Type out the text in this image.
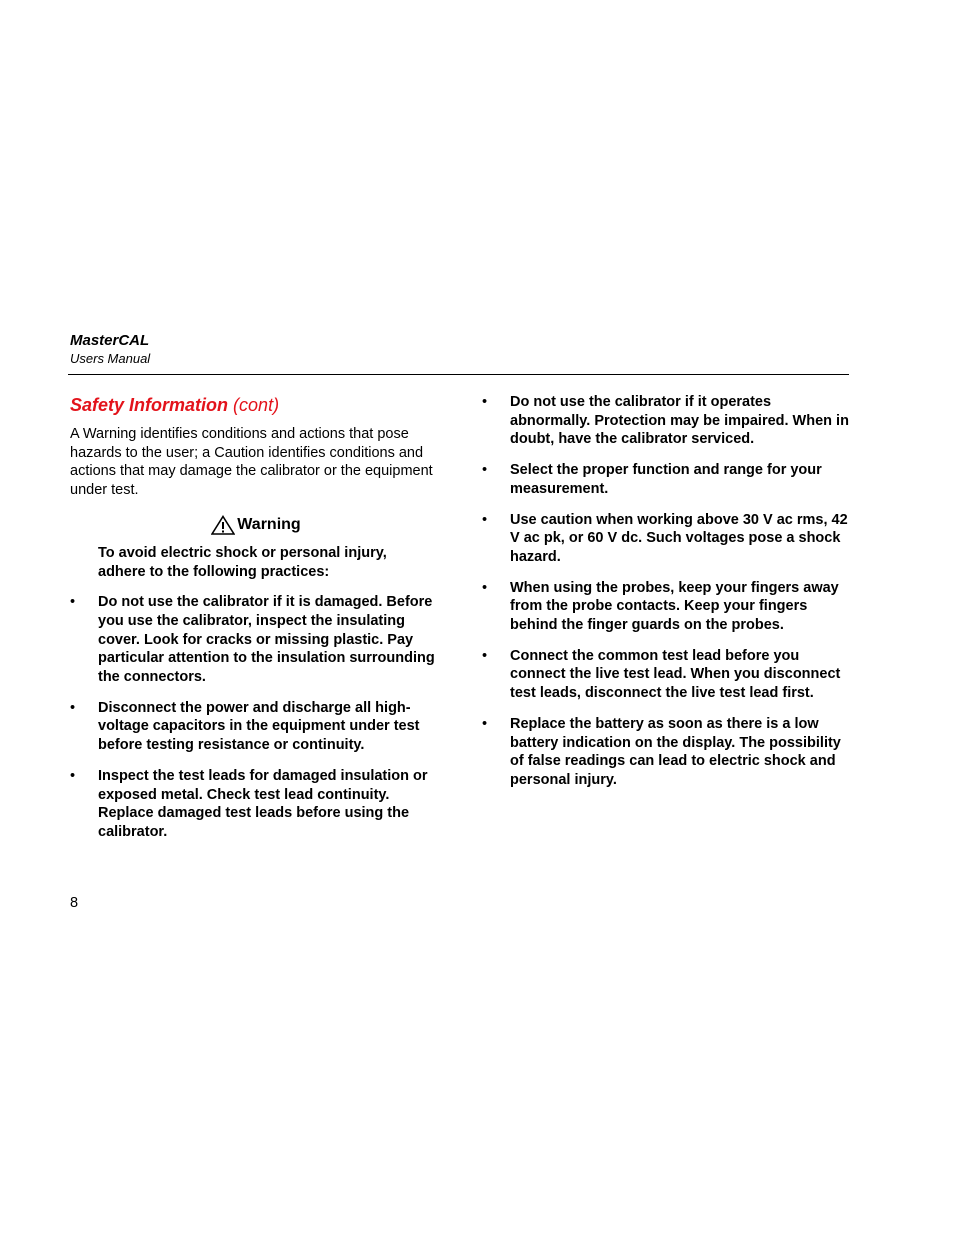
MasterCAL
Users Manual
Safety Information (cont)

A Warning identifies conditions and actions that pose hazards to the user; a Caution identifies conditions and actions that may damage the calibrator or the equipment under test.

Warning

To avoid electric shock or personal injury, adhere to the following practices:

• Do not use the calibrator if it is damaged. Before you use the calibrator, inspect the insulating cover. Look for cracks or missing plastic. Pay particular attention to the insulation surrounding the connectors.
• Disconnect the power and discharge all high-voltage capacitors in the equipment under test before testing resistance or continuity.
• Inspect the test leads for damaged insulation or exposed metal. Check test lead continuity. Replace damaged test leads before using the calibrator.
• Do not use the calibrator if it operates abnormally. Protection may be impaired. When in doubt, have the calibrator serviced.
• Select the proper function and range for your measurement.
• Use caution when working above 30 V ac rms, 42 V ac pk, or 60 V dc. Such voltages pose a shock hazard.
• When using the probes, keep your fingers away from the probe contacts. Keep your fingers behind the finger guards on the probes.
• Connect the common test lead before you connect the live test lead. When you disconnect test leads, disconnect the live test lead first.
• Replace the battery as soon as there is a low battery indication on the display. The possibility of false readings can lead to electric shock and personal injury.
8
